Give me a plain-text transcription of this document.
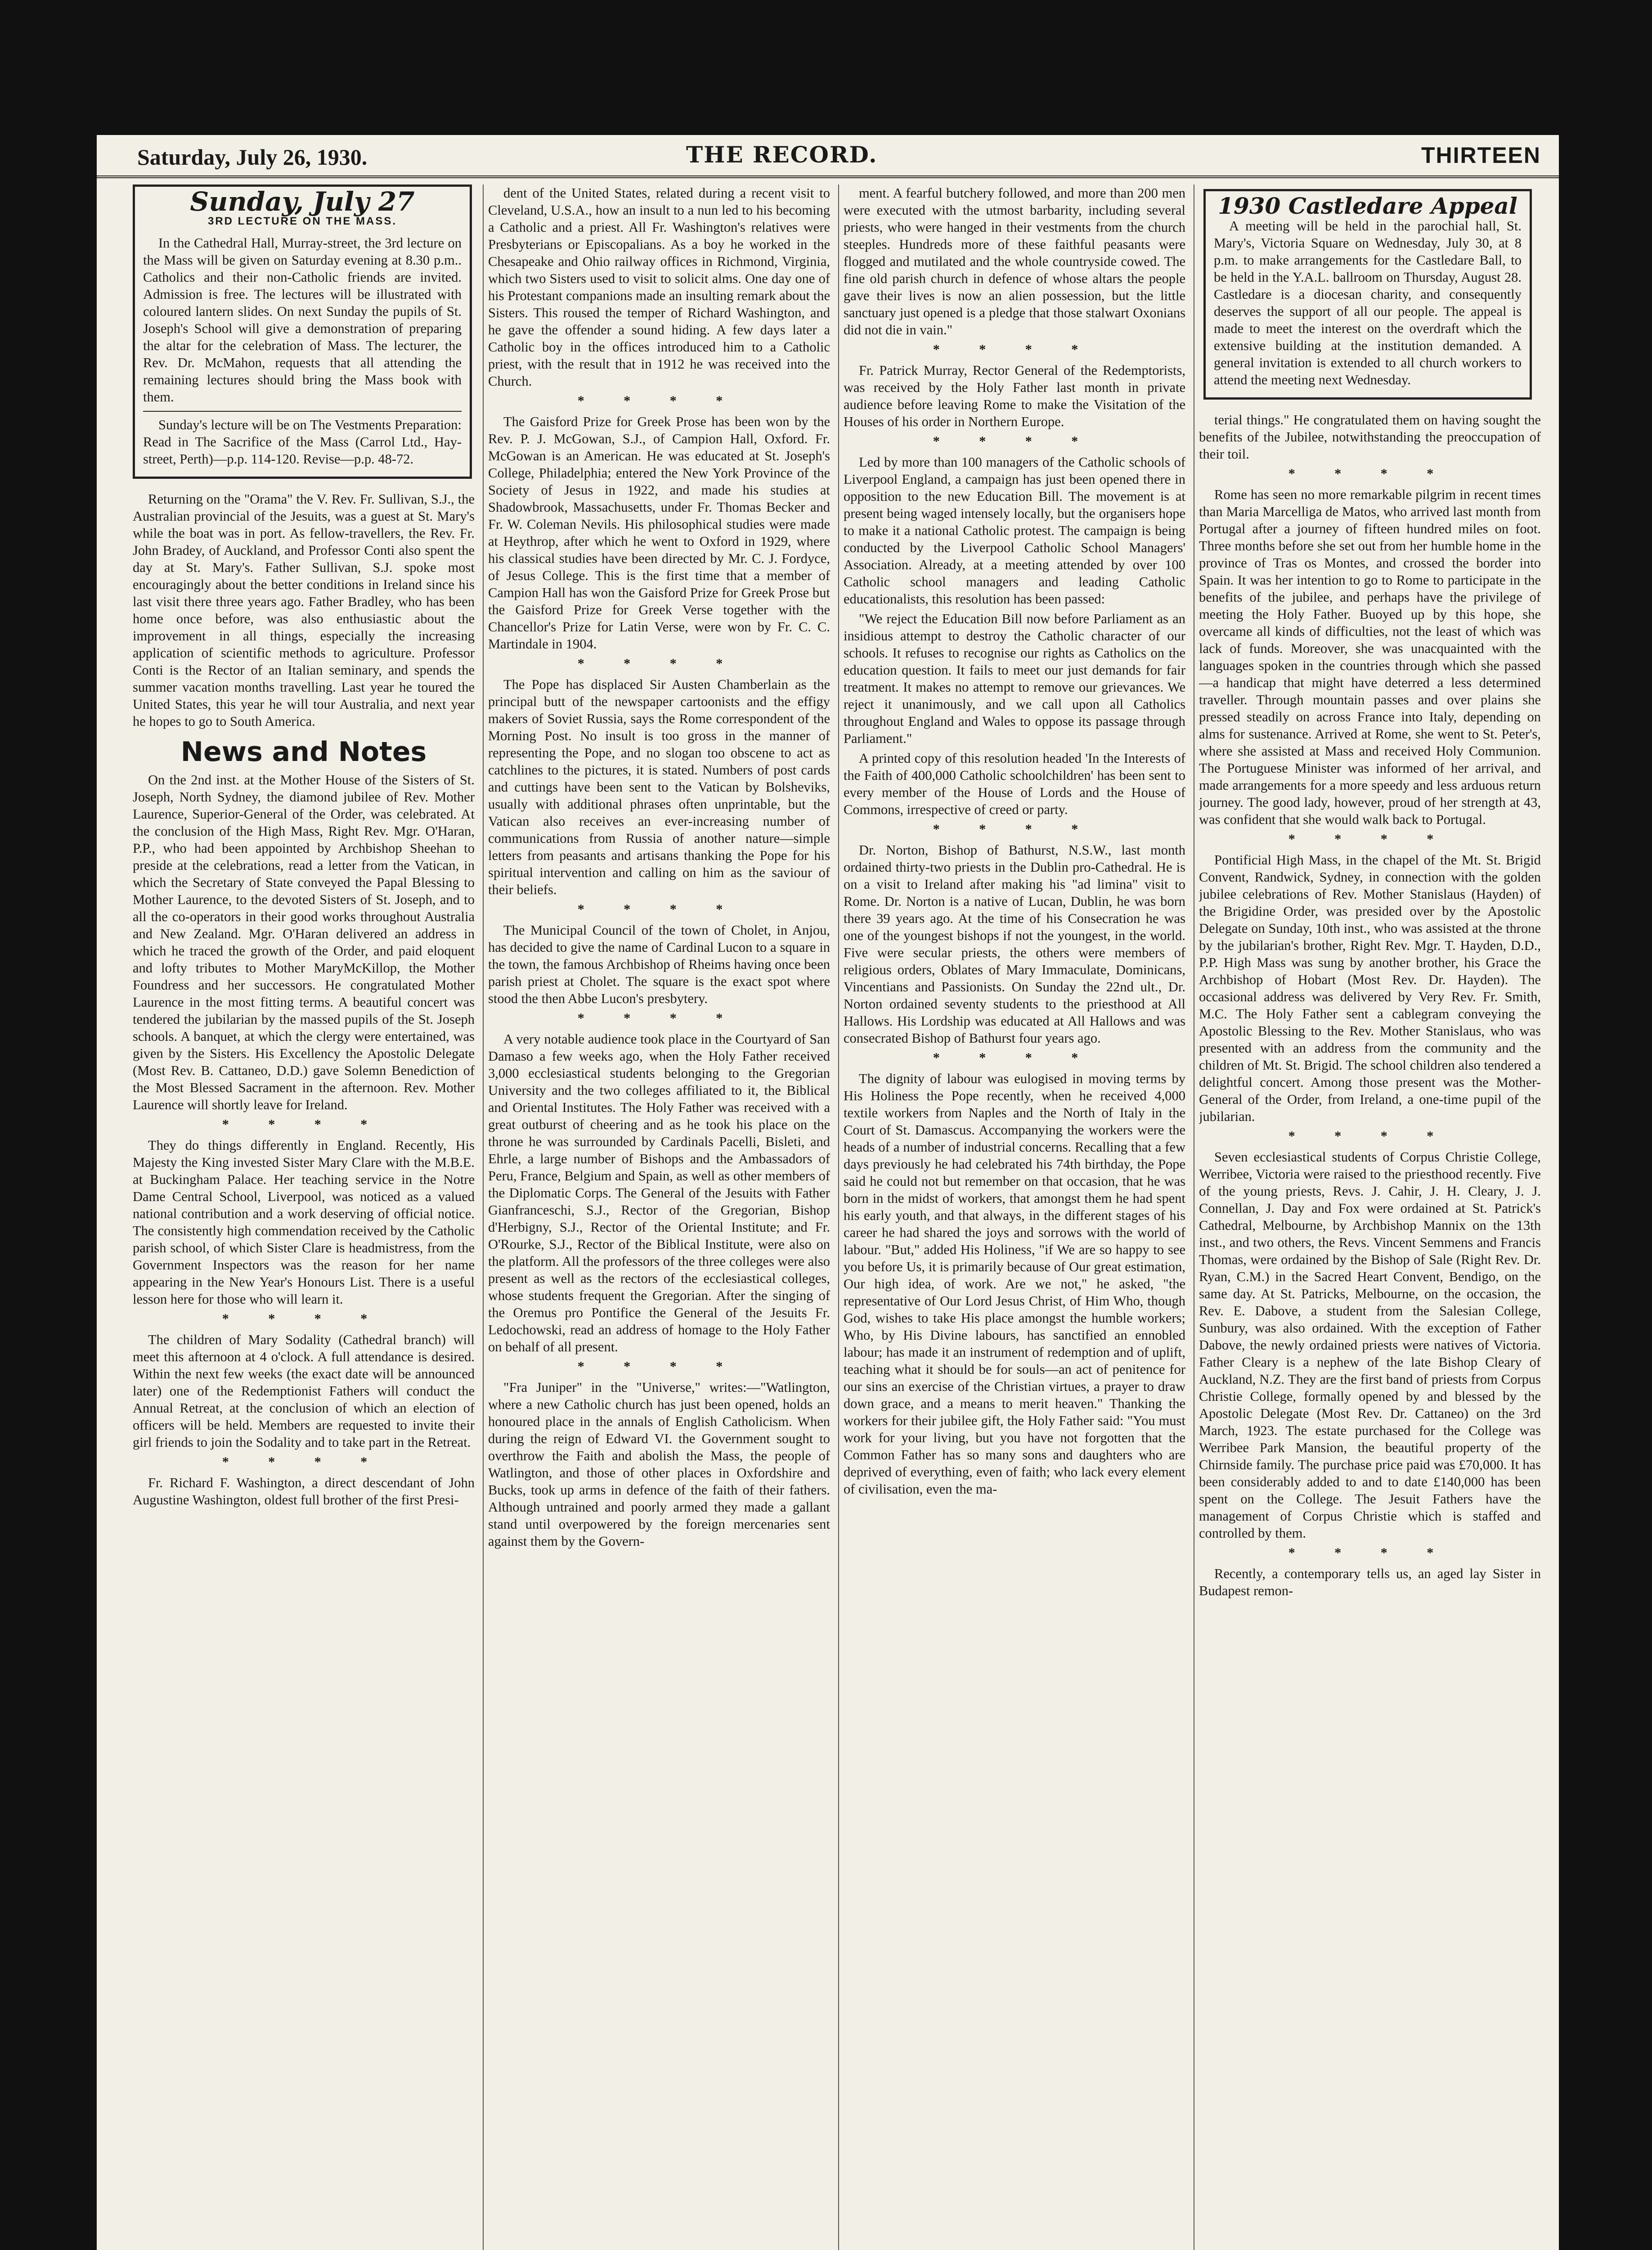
Saturday, July 26, 1930.	THE RECORD.	THIRTEEN
Sunday, July 27
3RD LECTURE ON THE MASS.

In the Cathedral Hall, Murray-street, the 3rd lecture on the Mass will be given on Saturday evening at 8.30 p.m.. Catholics and their non-Catholic friends are invited. Admission is free. The lectures will be illustrated with coloured lantern slides. On next Sunday the pupils of St. Joseph's School will give a demonstration of preparing the altar for the celebration of Mass. The lecturer, the Rev. Dr. McMahon, requests that all attending the remaining lectures should bring the Mass book with them.

Sunday's lecture will be on The Vestments Preparation: Read in The Sacrifice of the Mass (Carrol Ltd., Hay-street, Perth)—p.p. 114-120. Revise—p.p. 48-72.

Returning on the "Orama" the V. Rev. Fr. Sullivan, S.J., the Australian provincial of the Jesuits, was a guest at St. Mary's while the boat was in port. As fellow-travellers, the Rev. Fr. John Bradey, of Auckland, and Professor Conti also spent the day at St. Mary's. Father Sullivan, S.J. spoke most encouragingly about the better conditions in Ireland since his last visit there three years ago. Father Bradley, who has been home once before, was also enthusiastic about the improvement in all things, especially the increasing application of scientific methods to agriculture. Professor Conti is the Rector of an Italian seminary, and spends the summer vacation months travelling. Last year he toured the United States, this year he will tour Australia, and next year he hopes to go to South America.

News and Notes

On the 2nd inst. at the Mother House of the Sisters of St. Joseph, North Sydney, the diamond jubilee of Rev. Mother Laurence, Superior-General of the Order, was celebrated. At the conclusion of the High Mass, Right Rev. Mgr. O'Haran, P.P., who had been appointed by Archbishop Sheehan to preside at the celebrations, read a letter from the Vatican, in which the Secretary of State conveyed the Papal Blessing to Mother Laurence, to the devoted Sisters of St. Joseph, and to all the co-operators in their good works throughout Australia and New Zealand. Mgr. O'Haran delivered an address in which he traced the growth of the Order, and paid eloquent and lofty tributes to Mother MaryMcKillop, the Mother Foundress and her successors. He congratulated Mother Laurence in the most fitting terms. A beautiful concert was tendered the jubilarian by the massed pupils of the St. Joseph schools. A banquet, at which the clergy were entertained, was given by the Sisters. His Excellency the Apostolic Delegate (Most Rev. B. Cattaneo, D.D.) gave Solemn Benediction of the Most Blessed Sacrament in the afternoon. Rev. Mother Laurence will shortly leave for Ireland.

* * * *

They do things differently in England. Recently, His Majesty the King invested Sister Mary Clare with the M.B.E. at Buckingham Palace. Her teaching service in the Notre Dame Central School, Liverpool, was noticed as a valued national contribution and a work deserving of official notice. The consistently high commendation received by the Catholic parish school, of which Sister Clare is headmistress, from the Government Inspectors was the reason for her name appearing in the New Year's Honours List. There is a useful lesson here for those who will learn it.

* * * *

The children of Mary Sodality (Cathedral branch) will meet this afternoon at 4 o'clock. A full attendance is desired. Within the next few weeks (the exact date will be announced later) one of the Redemptionist Fathers will conduct the Annual Retreat, at the conclusion of which an election of officers will be held. Members are requested to invite their girl friends to join the Sodality and to take part in the Retreat.

* * * *

Fr. Richard F. Washington, a direct descendant of John Augustine Washington, oldest full brother of the first Presi-

dent of the United States, related during a recent visit to Cleveland, U.S.A., how an insult to a nun led to his becoming a Catholic and a priest. All Fr. Washington's relatives were Presbyterians or Episcopalians. As a boy he worked in the Chesapeake and Ohio railway offices in Richmond, Virginia, which two Sisters used to visit to solicit alms. One day one of his Protestant companions made an insulting remark about the Sisters. This roused the temper of Richard Washington, and he gave the offender a sound hiding. A few days later a Catholic boy in the offices introduced him to a Catholic priest, with the result that in 1912 he was received into the Church.

* * * *

The Gaisford Prize for Greek Prose has been won by the Rev. P. J. McGowan, S.J., of Campion Hall, Oxford. Fr. McGowan is an American. He was educated at St. Joseph's College, Philadelphia; entered the New York Province of the Society of Jesus in 1922, and made his studies at Shadowbrook, Massachusetts, under Fr. Thomas Becker and Fr. W. Coleman Nevils. His philosophical studies were made at Heythrop, after which he went to Oxford in 1929, where his classical studies have been directed by Mr. C. J. Fordyce, of Jesus College. This is the first time that a member of Campion Hall has won the Gaisford Prize for Greek Prose but the Gaisford Prize for Greek Verse together with the Chancellor's Prize for Latin Verse, were won by Fr. C. C. Martindale in 1904.

* * * *

The Pope has displaced Sir Austen Chamberlain as the principal butt of the newspaper cartoonists and the effigy makers of Soviet Russia, says the Rome correspondent of the Morning Post. No insult is too gross in the manner of representing the Pope, and no slogan too obscene to act as catchlines to the pictures, it is stated. Numbers of post cards and cuttings have been sent to the Vatican by Bolsheviks, usually with additional phrases often unprintable, but the Vatican also receives an ever-increasing number of communications from Russia of another nature—simple letters from peasants and artisans thanking the Pope for his spiritual intervention and calling on him as the saviour of their beliefs.

* * * *

The Municipal Council of the town of Cholet, in Anjou, has decided to give the name of Cardinal Lucon to a square in the town, the famous Archbishop of Rheims having once been parish priest at Cholet. The square is the exact spot where stood the then Abbe Lucon's presbytery.

* * * *

A very notable audience took place in the Courtyard of San Damaso a few weeks ago, when the Holy Father received 3,000 ecclesiastical students belonging to the Gregorian University and the two colleges affiliated to it, the Biblical and Oriental Institutes. The Holy Father was received with a great outburst of cheering and as he took his place on the throne he was surrounded by Cardinals Pacelli, Bisleti, and Ehrle, a large number of Bishops and the Ambassadors of Peru, France, Belgium and Spain, as well as other members of the Diplomatic Corps. The General of the Jesuits with Father Gianfranceschi, S.J., Rector of the Gregorian, Bishop d'Herbigny, S.J., Rector of the Oriental Institute; and Fr. O'Rourke, S.J., Rector of the Biblical Institute, were also on the platform. All the professors of the three colleges were also present as well as the rectors of the ecclesiastical colleges, whose students frequent the Gregorian. After the singing of the Oremus pro Pontifice the General of the Jesuits Fr. Ledochowski, read an address of homage to the Holy Father on behalf of all present.

* * * *

"Fra Juniper" in the "Universe," writes:—"Watlington, where a new Catholic church has just been opened, holds an honoured place in the annals of English Catholicism. When during the reign of Edward VI. the Government sought to overthrow the Faith and abolish the Mass, the people of Watlington, and those of other places in Oxfordshire and Bucks, took up arms in defence of the faith of their fathers. Although untrained and poorly armed they made a gallant stand until overpowered by the foreign mercenaries sent against them by the Govern-

ment. A fearful butchery followed, and more than 200 men were executed with the utmost barbarity, including several priests, who were hanged in their vestments from the church steeples. Hundreds more of these faithful peasants were flogged and mutilated and the whole countryside cowed. The fine old parish church in defence of whose altars the people gave their lives is now an alien possession, but the little sanctuary just opened is a pledge that those stalwart Oxonians did not die in vain."

* * * *

Fr. Patrick Murray, Rector General of the Redemptorists, was received by the Holy Father last month in private audience before leaving Rome to make the Visitation of the Houses of his order in Northern Europe.

* * * *

Led by more than 100 managers of the Catholic schools of Liverpool England, a campaign has just been opened there in opposition to the new Education Bill. The movement is at present being waged intensely locally, but the organisers hope to make it a national Catholic protest. The campaign is being conducted by the Liverpool Catholic School Managers' Association. Already, at a meeting attended by over 100 Catholic school managers and leading Catholic educationalists, this resolution has been passed:

"We reject the Education Bill now before Parliament as an insidious attempt to destroy the Catholic character of our schools. It refuses to recognise our rights as Catholics on the education question. It fails to meet our just demands for fair treatment. It makes no attempt to remove our grievances. We reject it unanimously, and we call upon all Catholics throughout England and Wales to oppose its passage through Parliament."

A printed copy of this resolution headed 'In the Interests of the Faith of 400,000 Catholic schoolchildren' has been sent to every member of the House of Lords and the House of Commons, irrespective of creed or party.

* * * *

Dr. Norton, Bishop of Bathurst, N.S.W., last month ordained thirty-two priests in the Dublin pro-Cathedral. He is on a visit to Ireland after making his "ad limina" visit to Rome. Dr. Norton is a native of Lucan, Dublin, he was born there 39 years ago. At the time of his Consecration he was one of the youngest bishops if not the youngest, in the world. Five were secular priests, the others were members of religious orders, Oblates of Mary Immaculate, Dominicans, Vincentians and Passionists. On Sunday the 22nd ult., Dr. Norton ordained seventy students to the priesthood at All Hallows. His Lordship was educated at All Hallows and was consecrated Bishop of Bathurst four years ago.

* * * *

The dignity of labour was eulogised in moving terms by His Holiness the Pope recently, when he received 4,000 textile workers from Naples and the North of Italy in the Court of St. Damascus. Accompanying the workers were the heads of a number of industrial concerns. Recalling that a few days previously he had celebrated his 74th birthday, the Pope said he could not but remember on that occasion, that he was born in the midst of workers, that amongst them he had spent his early youth, and that always, in the different stages of his career he had shared the joys and sorrows with the world of labour. "But," added His Holiness, "if We are so happy to see you before Us, it is primarily because of Our great estimation, Our high idea, of work. Are we not," he asked, "the representative of Our Lord Jesus Christ, of Him Who, though God, wishes to take His place amongst the humble workers; Who, by His Divine labours, has sanctified an ennobled labour; has made it an instrument of redemption and of uplift, teaching what it should be for souls—an act of penitence for our sins an exercise of the Christian virtues, a prayer to draw down grace, and a means to merit heaven." Thanking the workers for their jubilee gift, the Holy Father said: "You must work for your living, but you have not forgotten that the Common Father has so many sons and daughters who are deprived of everything, even of faith; who lack every element of civilisation, even the ma-

1930 Castledare Appeal

A meeting will be held in the parochial hall, St. Mary's, Victoria Square on Wednesday, July 30, at 8 p.m. to make arrangements for the Castledare Ball, to be held in the Y.A.L. ballroom on Thursday, August 28. Castledare is a diocesan charity, and consequently deserves the support of all our people. The appeal is made to meet the interest on the overdraft which the extensive building at the institution demanded. A general invitation is extended to all church workers to attend the meeting next Wednesday.

terial things." He congratulated them on having sought the benefits of the Jubilee, notwithstanding the preoccupation of their toil.

* * * *

Rome has seen no more remarkable pilgrim in recent times than Maria Marcelliga de Matos, who arrived last month from Portugal after a journey of fifteen hundred miles on foot. Three months before she set out from her humble home in the province of Tras os Montes, and crossed the border into Spain. It was her intention to go to Rome to participate in the benefits of the jubilee, and perhaps have the privilege of meeting the Holy Father. Buoyed up by this hope, she overcame all kinds of difficulties, not the least of which was lack of funds. Moreover, she was unacquainted with the languages spoken in the countries through which she passed—a handicap that might have deterred a less determined traveller. Through mountain passes and over plains she pressed steadily on across France into Italy, depending on alms for sustenance. Arrived at Rome, she went to St. Peter's, where she assisted at Mass and received Holy Communion. The Portuguese Minister was informed of her arrival, and made arrangements for a more speedy and less arduous return journey. The good lady, however, proud of her strength at 43, was confident that she would walk back to Portugal.

* * * *

Pontificial High Mass, in the chapel of the Mt. St. Brigid Convent, Randwick, Sydney, in connection with the golden jubilee celebrations of Rev. Mother Stanislaus (Hayden) of the Brigidine Order, was presided over by the Apostolic Delegate on Sunday, 10th inst., who was assisted at the throne by the jubilarian's brother, Right Rev. Mgr. T. Hayden, D.D., P.P. High Mass was sung by another brother, his Grace the Archbishop of Hobart (Most Rev. Dr. Hayden). The occasional address was delivered by Very Rev. Fr. Smith, M.C. The Holy Father sent a cablegram conveying the Apostolic Blessing to the Rev. Mother Stanislaus, who was presented with an address from the community and the children of Mt. St. Brigid. The school children also tendered a delightful concert. Among those present was the Mother-General of the Order, from Ireland, a one-time pupil of the jubilarian.

* * * *

Seven ecclesiastical students of Corpus Christie College, Werribee, Victoria were raised to the priesthood recently. Five of the young priests, Revs. J. Cahir, J. H. Cleary, J. J. Connellan, J. Day and Fox were ordained at St. Patrick's Cathedral, Melbourne, by Archbishop Mannix on the 13th inst., and two others, the Revs. Vincent Semmens and Francis Thomas, were ordained by the Bishop of Sale (Right Rev. Dr. Ryan, C.M.) in the Sacred Heart Convent, Bendigo, on the same day. At St. Patricks, Melbourne, on the occasion, the Rev. E. Dabove, a student from the Salesian College, Sunbury, was also ordained. With the exception of Father Dabove, the newly ordained priests were natives of Victoria. Father Cleary is a nephew of the late Bishop Cleary of Auckland, N.Z. They are the first band of priests from Corpus Christie College, formally opened by and blessed by the Apostolic Delegate (Most Rev. Dr. Cattaneo) on the 3rd March, 1923. The estate purchased for the College was Werribee Park Mansion, the beautiful property of the Chirnside family. The purchase price paid was £70,000. It has been considerably added to and to date £140,000 has been spent on the College. The Jesuit Fathers have the management of Corpus Christie which is staffed and controlled by them.

* * * *

Recently, a contemporary tells us, an aged lay Sister in Budapest remon-
